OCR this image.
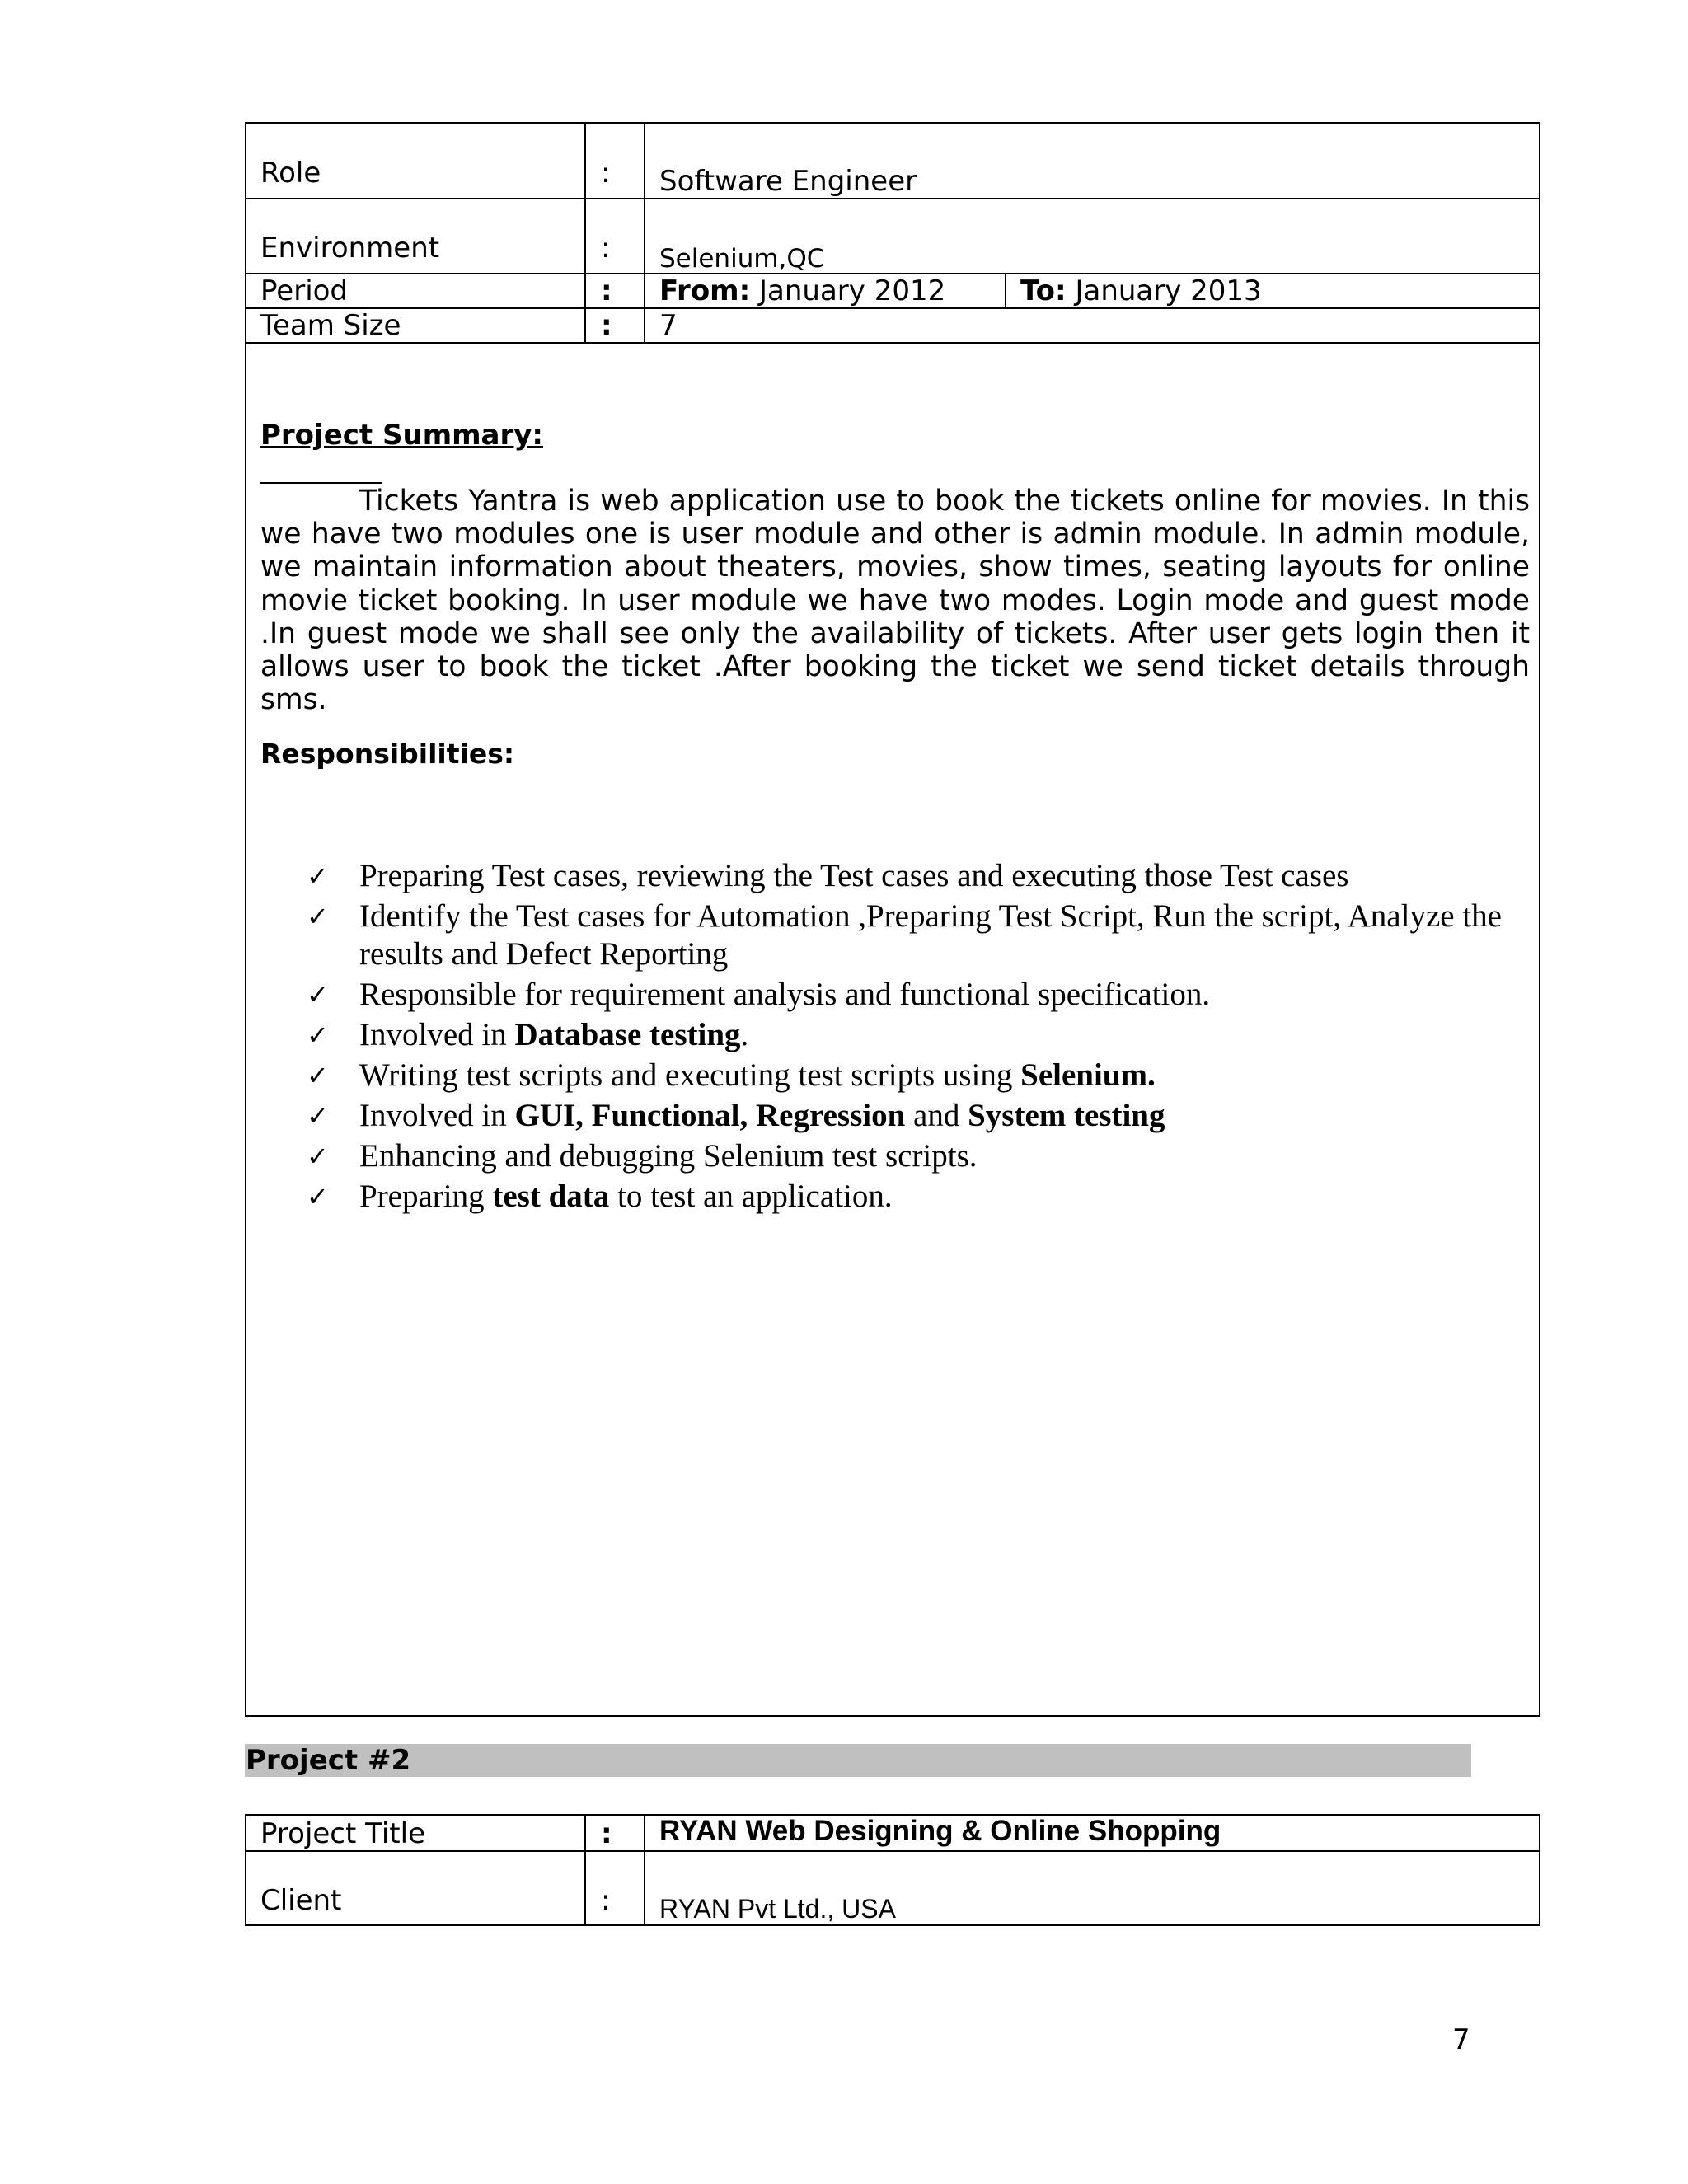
Role	: Software Engineer
Environment	: Selenium,QC
Period	: From: January 2012	To: January 2013
Team Size	: 7
Project Summary:
Tickets Yantra is web application use to book the tickets online for movies. In this we have two modules one is user module and other is admin module. In admin module, we maintain information about theaters, movies, show times, seating layouts for online movie ticket booking. In user module we have two modes. Login mode and guest mode .In guest mode we shall see only the availability of tickets. After user gets login then it allows user to book the ticket .After booking the ticket we send ticket details through sms.
Responsibilities:
✓ Preparing Test cases, reviewing the Test cases and executing those Test cases
✓ Identify the Test cases for Automation ,Preparing Test Script, Run the script, Analyze the results and Defect Reporting
✓ Responsible for requirement analysis and functional specification.
✓ Involved in Database testing.
✓ Writing test scripts and executing test scripts using Selenium.
✓ Involved in GUI, Functional, Regression and System testing
✓ Enhancing and debugging Selenium test scripts.
✓ Preparing test data to test an application.
Project #2
Project Title	: RYAN Web Designing & Online Shopping
Client	: RYAN Pvt Ltd., USA
7
